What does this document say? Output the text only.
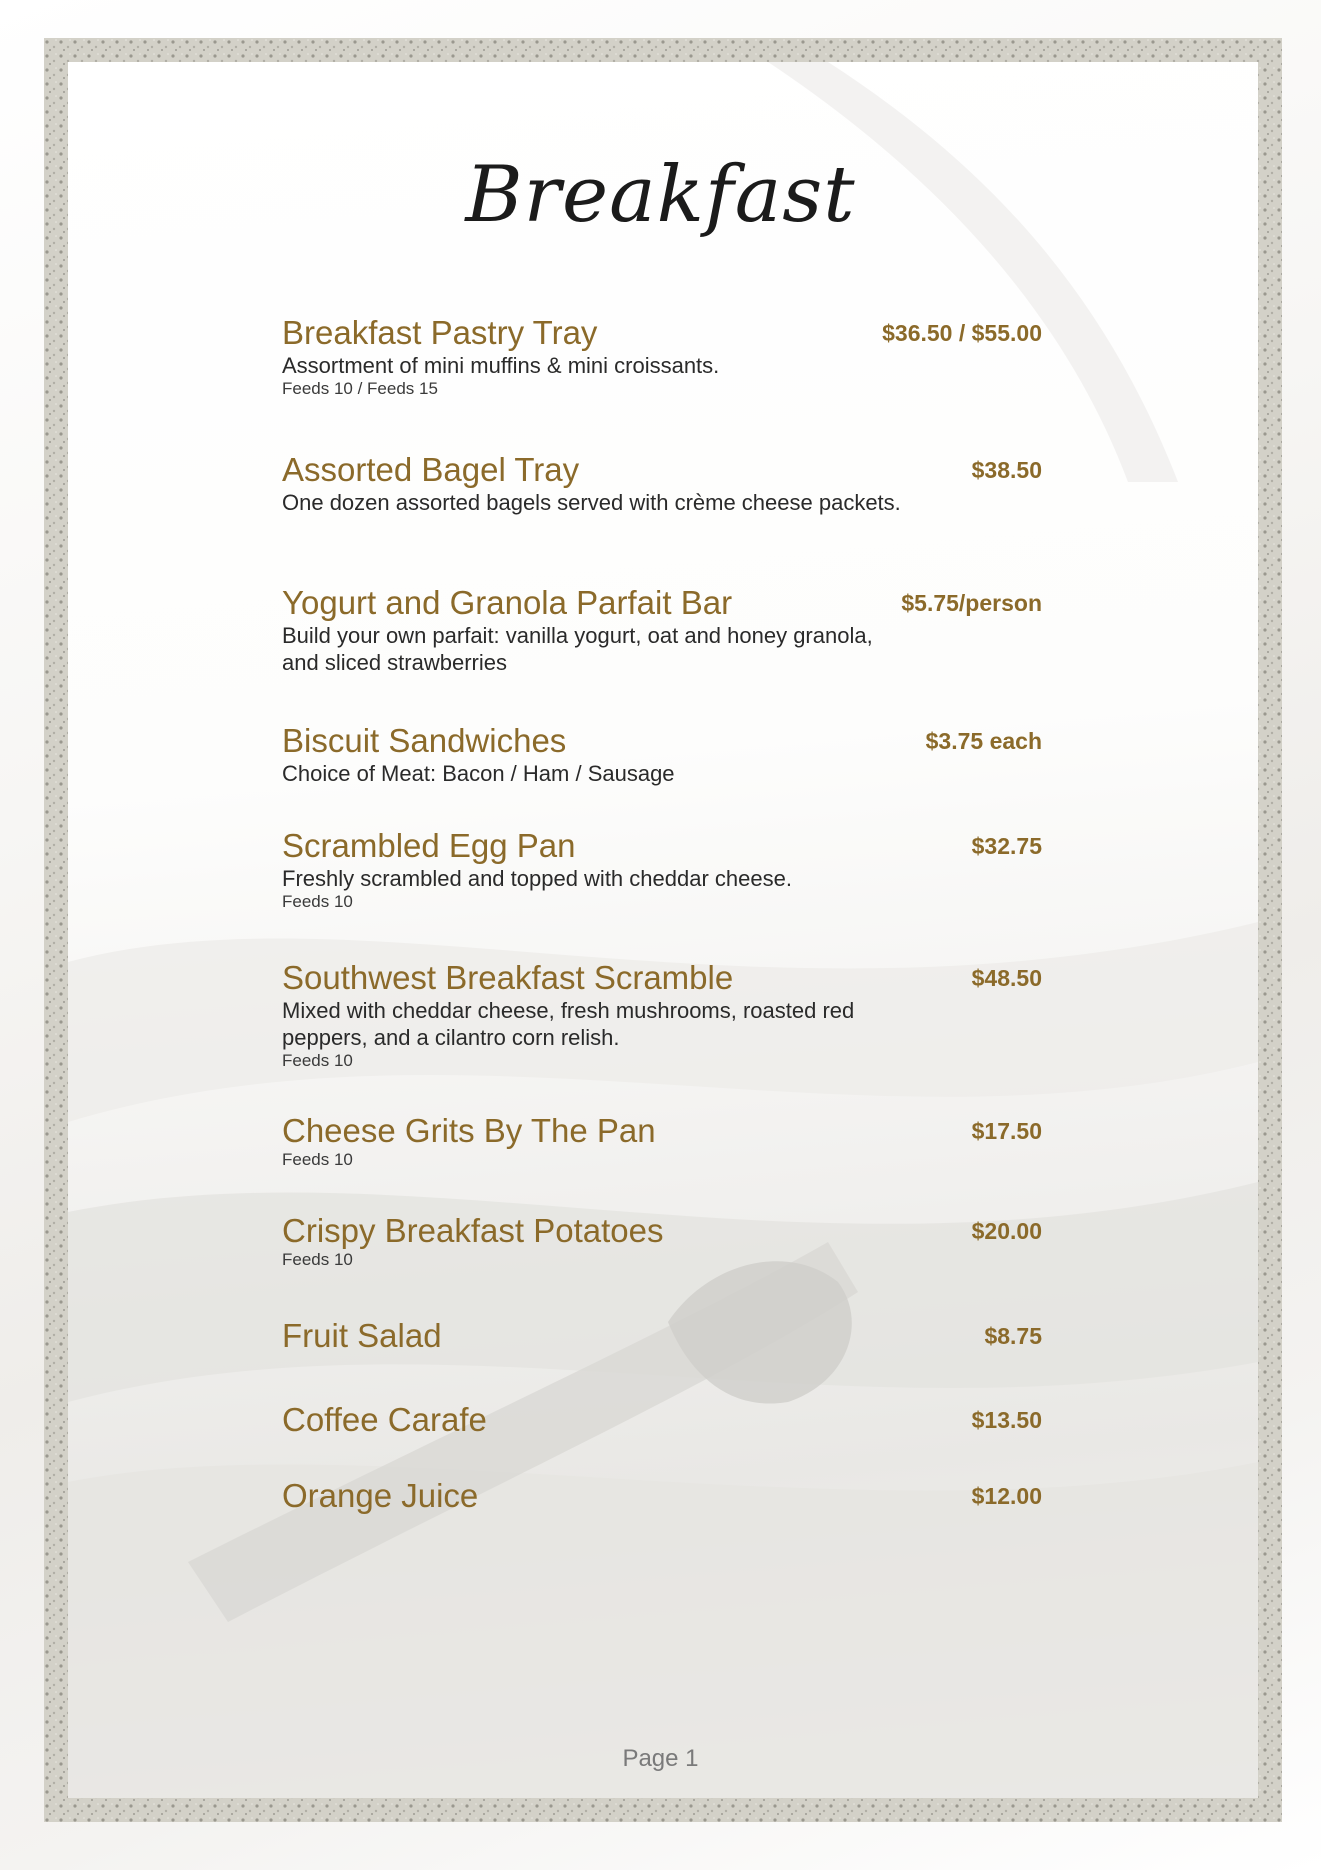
Breakfast
Breakfast Pastry Tray	$36.50 / $55.00
Assortment of mini muffins & mini croissants.
Feeds 10 / Feeds 15
Assorted Bagel Tray	$38.50
One dozen assorted bagels served with crème cheese packets.
Yogurt and Granola Parfait Bar	$5.75/person
Build your own parfait: vanilla yogurt, oat and honey granola, and sliced strawberries
Biscuit Sandwiches	$3.75 each
Choice of Meat: Bacon / Ham / Sausage
Scrambled Egg Pan	$32.75
Freshly scrambled and topped with cheddar cheese.
Feeds 10
Southwest Breakfast Scramble	$48.50
Mixed with cheddar cheese, fresh mushrooms, roasted red peppers, and a cilantro corn relish.
Feeds 10
Cheese Grits By The Pan	$17.50
Feeds 10
Crispy Breakfast Potatoes	$20.00
Feeds 10
Fruit Salad	$8.75
Coffee Carafe	$13.50
Orange Juice	$12.00
Page 1
